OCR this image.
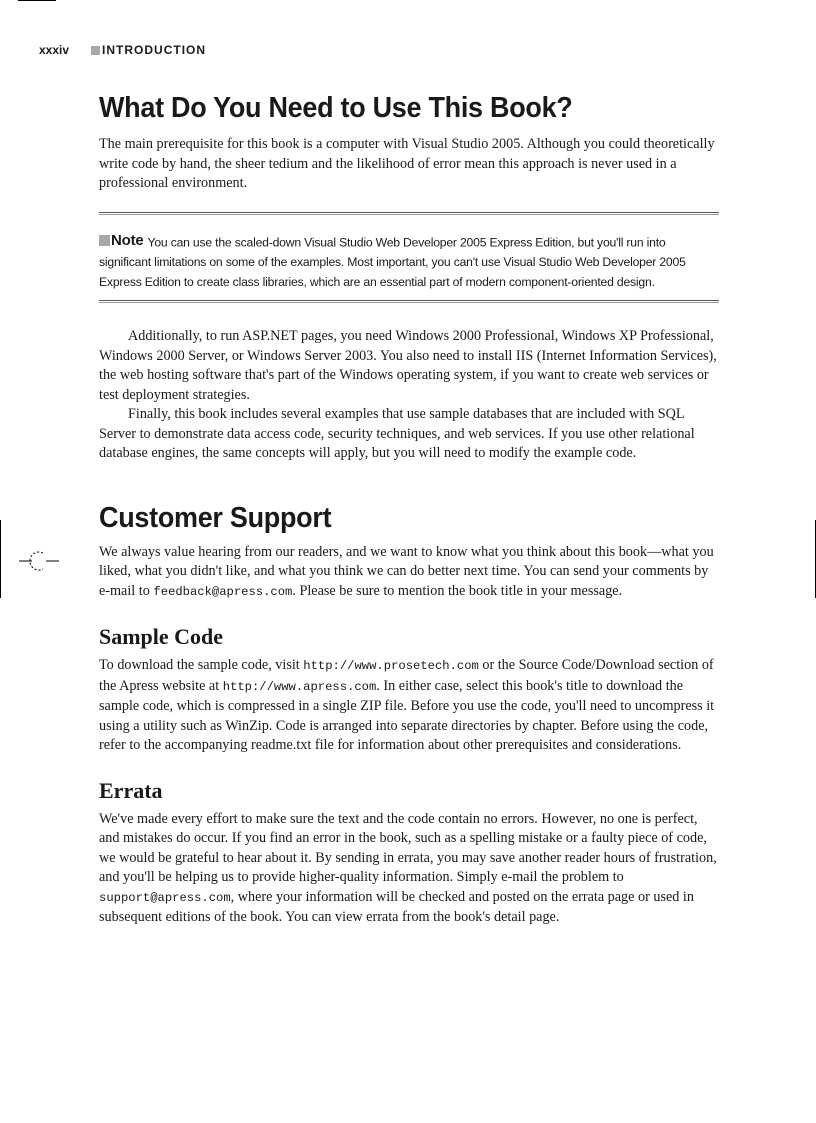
xxxiv	INTRODUCTION
What Do You Need to Use This Book?

The main prerequisite for this book is a computer with Visual Studio 2005. Although you could theoretically write code by hand, the sheer tedium and the likelihood of error mean this approach is never used in a professional environment.

Note You can use the scaled-down Visual Studio Web Developer 2005 Express Edition, but you'll run into significant limitations on some of the examples. Most important, you can't use Visual Studio Web Developer 2005 Express Edition to create class libraries, which are an essential part of modern component-oriented design.

Additionally, to run ASP.NET pages, you need Windows 2000 Professional, Windows XP Professional, Windows 2000 Server, or Windows Server 2003. You also need to install IIS (Internet Information Services), the web hosting software that's part of the Windows operating system, if you want to create web services or test deployment strategies.

Finally, this book includes several examples that use sample databases that are included with SQL Server to demonstrate data access code, security techniques, and web services. If you use other relational database engines, the same concepts will apply, but you will need to modify the example code.

Customer Support

We always value hearing from our readers, and we want to know what you think about this book—what you liked, what you didn't like, and what you think we can do better next time. You can send your comments by e-mail to feedback@apress.com. Please be sure to mention the book title in your message.

Sample Code

To download the sample code, visit http://www.prosetech.com or the Source Code/Download section of the Apress website at http://www.apress.com. In either case, select this book's title to download the sample code, which is compressed in a single ZIP file. Before you use the code, you'll need to uncompress it using a utility such as WinZip. Code is arranged into separate directories by chapter. Before using the code, refer to the accompanying readme.txt file for information about other prerequisites and considerations.

Errata

We've made every effort to make sure the text and the code contain no errors. However, no one is perfect, and mistakes do occur. If you find an error in the book, such as a spelling mistake or a faulty piece of code, we would be grateful to hear about it. By sending in errata, you may save another reader hours of frustration, and you'll be helping us to provide higher-quality information. Simply e-mail the problem to support@apress.com, where your information will be checked and posted on the errata page or used in subsequent editions of the book. You can view errata from the book's detail page.
